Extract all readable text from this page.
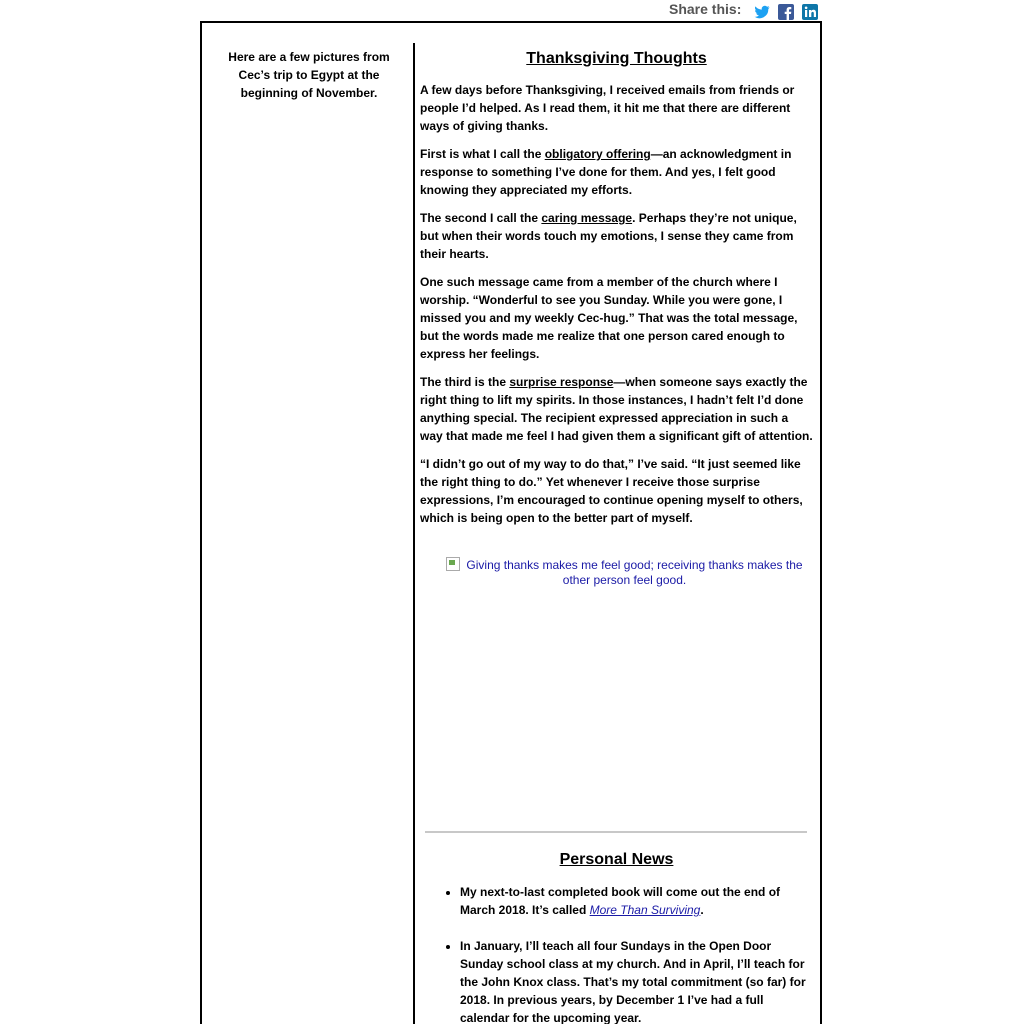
Share this:
Here are a few pictures from Cec’s trip to Egypt at the beginning of November.
Thanksgiving Thoughts

A few days before Thanksgiving, I received emails from friends or people I’d helped. As I read them, it hit me that there are different ways of giving thanks.

First is what I call the obligatory offering—an acknowledgment in response to something I’ve done for them. And yes, I felt good knowing they appreciated my efforts.

The second I call the caring message. Perhaps they’re not unique, but when their words touch my emotions, I sense they came from their hearts.

One such message came from a member of the church where I worship. “Wonderful to see you Sunday. While you were gone, I missed you and my weekly Cec-hug.” That was the total message, but the words made me realize that one person cared enough to express her feelings.

The third is the surprise response—when someone says exactly the right thing to lift my spirits. In those instances, I hadn’t felt I’d done anything special. The recipient expressed appreciation in such a way that made me feel I had given them a significant gift of attention.

“I didn’t go out of my way to do that,” I’ve said. “It just seemed like the right thing to do.” Yet whenever I receive those surprise expressions, I’m encouraged to continue opening myself to others, which is being open to the better part of myself.

Giving thanks makes me feel good; receiving thanks makes the other person feel good.
Personal News
• My next-to-last completed book will come out the end of March 2018. It’s called More Than Surviving.
• In January, I’ll teach all four Sundays in the Open Door Sunday school class at my church. And in April, I’ll teach for the John Knox class. That’s my total commitment (so far) for 2018. In previous years, by December 1 I’ve had a full calendar for the upcoming year.
